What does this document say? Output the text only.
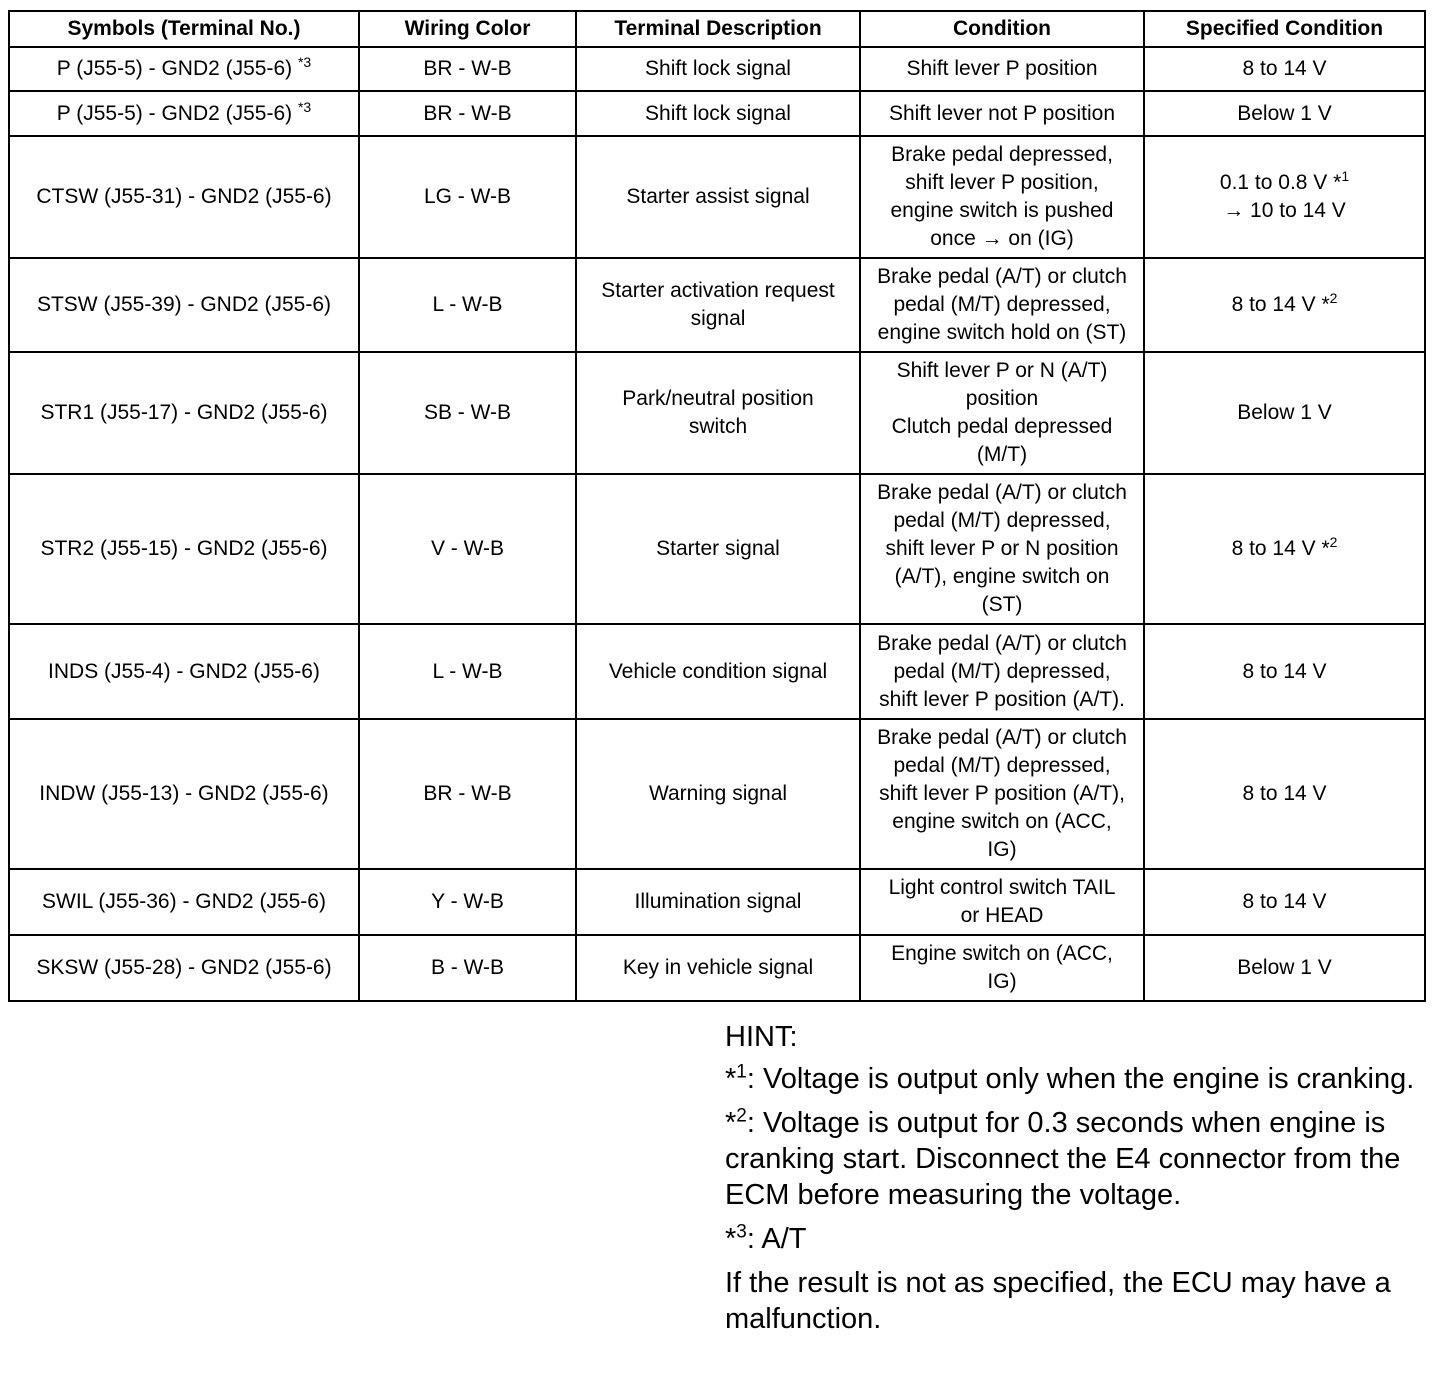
Symbols (Terminal No.)	Wiring Color	Terminal Description	Condition	Specified Condition
P (J55-5) - GND2 (J55-6) $^{*3}$	BR - W-B	Shift lock signal	Shift lever P position	8 to 14 V

P (J55-5) - GND2 (J55-6) $^{*3}$	BR - W-B	Shift lock signal	Shift lever not P position	Below 1 V

CTSW (J55-31) - GND2 (J55-6)	LG - W-B	Starter assist signal	Brake pedal depressed,
shift lever P position,
engine switch is pushed
once → on (IG)	0.1 to 0.8 V *$^1$
→ 10 to 14 V

STSW (J55-39) - GND2 (J55-6)	L - W-B	Starter activation request
signal	Brake pedal (A/T) or clutch
pedal (M/T) depressed,
engine switch hold on (ST)	8 to 14 V *$^2$

STR1 (J55-17) - GND2 (J55-6)	SB - W-B	Park/neutral position
switch	Shift lever P or N (A/T)
position
Clutch pedal depressed
(M/T)	Below 1 V

STR2 (J55-15) - GND2 (J55-6)	V - W-B	Starter signal	Brake pedal (A/T) or clutch
pedal (M/T) depressed,
shift lever P or N position
(A/T), engine switch on
(ST)	8 to 14 V *$^2$

INDS (J55-4) - GND2 (J55-6)	L - W-B	Vehicle condition signal	Brake pedal (A/T) or clutch
pedal (M/T) depressed,
shift lever P position (A/T).	8 to 14 V

INDW (J55-13) - GND2 (J55-6)	BR - W-B	Warning signal	Brake pedal (A/T) or clutch
pedal (M/T) depressed,
shift lever P position (A/T),
engine switch on (ACC,
IG)	8 to 14 V

SWIL (J55-36) - GND2 (J55-6)	Y - W-B	Illumination signal	Light control switch TAIL
or HEAD	8 to 14 V

SKSW (J55-28) - GND2 (J55-6)	B - W-B	Key in vehicle signal	Engine switch on (ACC,
IG)	Below 1 V
HINT:
*$^1$: Voltage is output only when the engine is cranking.
*$^2$: Voltage is output for 0.3 seconds when engine is cranking start. Disconnect the E4 connector from the ECM before measuring the voltage.
*$^3$: A/T
If the result is not as specified, the ECU may have a malfunction.
